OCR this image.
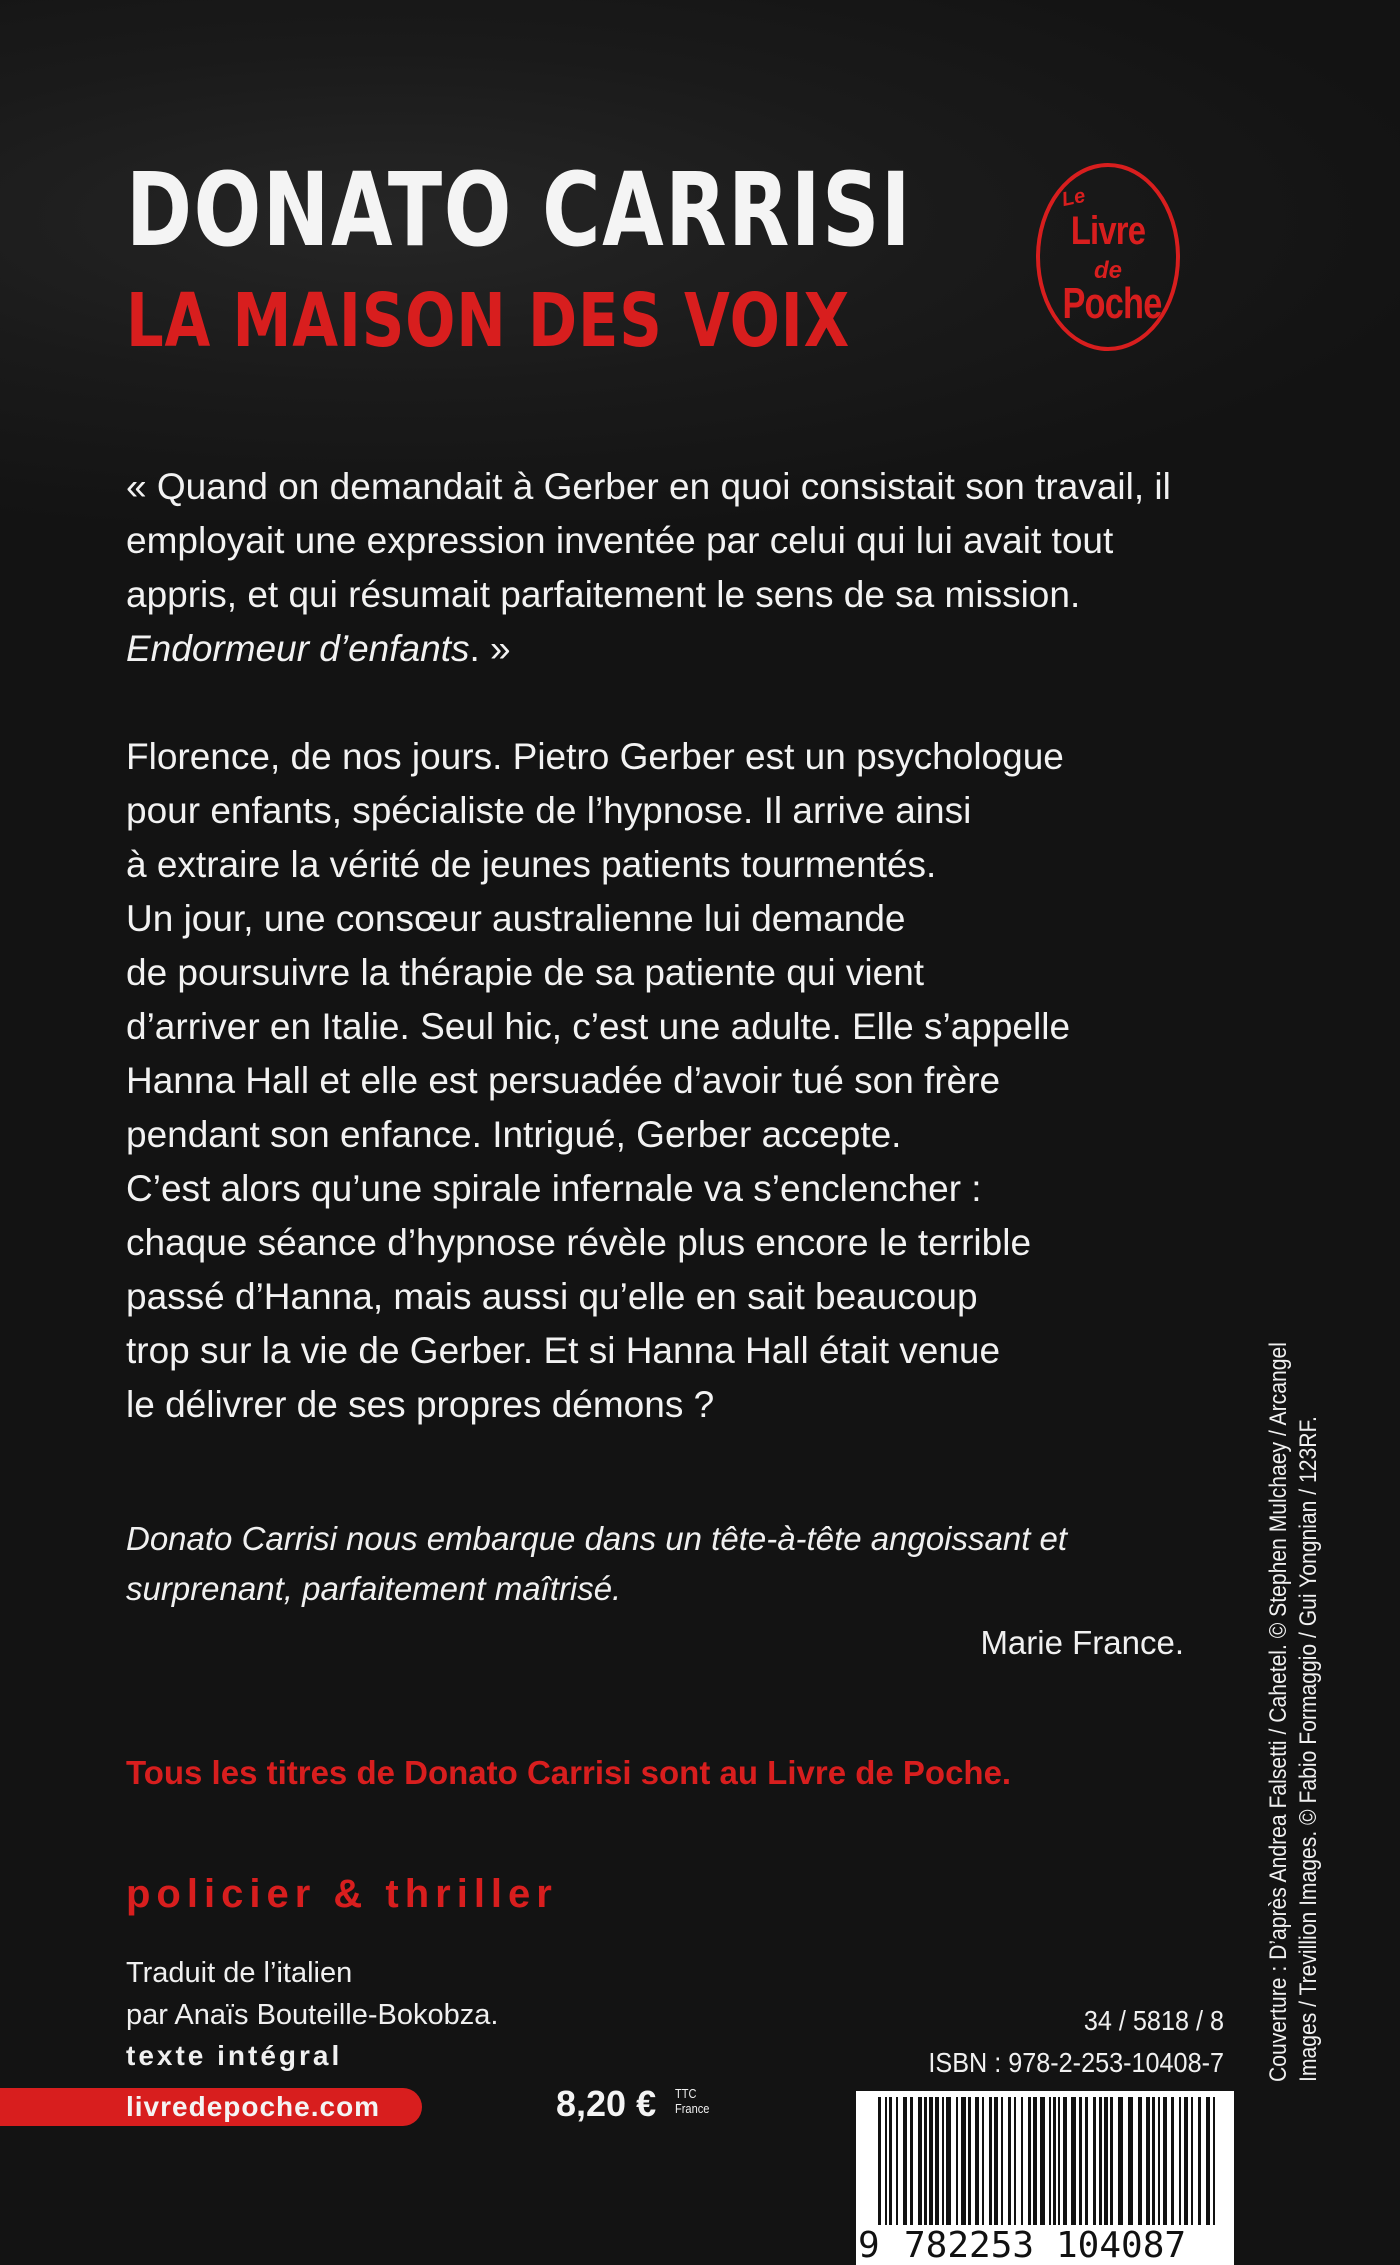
DONATO CARRISI
LA MAISON DES VOIX
Le
Livre
de
Poche

« Quand on demandait à Gerber en quoi consistait son travail, il employait une expression inventée par celui qui lui avait tout appris, et qui résumait parfaitement le sens de sa mission. Endormeur d’enfants. »

Florence, de nos jours. Pietro Gerber est un psychologue
pour enfants, spécialiste de l’hypnose. Il arrive ainsi
à extraire la vérité de jeunes patients tourmentés.
Un jour, une consœur australienne lui demande
de poursuivre la thérapie de sa patiente qui vient
d’arriver en Italie. Seul hic, c’est une adulte. Elle s’appelle
Hanna Hall et elle est persuadée d’avoir tué son frère
pendant son enfance. Intrigué, Gerber accepte.
C’est alors qu’une spirale infernale va s’enclencher :
chaque séance d’hypnose révèle plus encore le terrible
passé d’Hanna, mais aussi qu’elle en sait beaucoup
trop sur la vie de Gerber. Et si Hanna Hall était venue
le délivrer de ses propres démons ?

Donato Carrisi nous embarque dans un tête-à-tête angoissant et surprenant, parfaitement maîtrisé.

Marie France.

Tous les titres de Donato Carrisi sont au Livre de Poche.

policier & thriller

Traduit de l’italien
par Anaïs Bouteille-Bokobza.

texte intégral

livredepoche.com	8,20 € TTC
France

34 / 5818 / 8
ISBN : 978-2-253-10408-7

9 782253 104087
Couverture : D’après Andrea Falsetti / Cahetel. © Stephen Mulchaey / Arcangel Images / Trevillion Images. © Fabio Formaggio / Gui Yongnian / 123RF.
